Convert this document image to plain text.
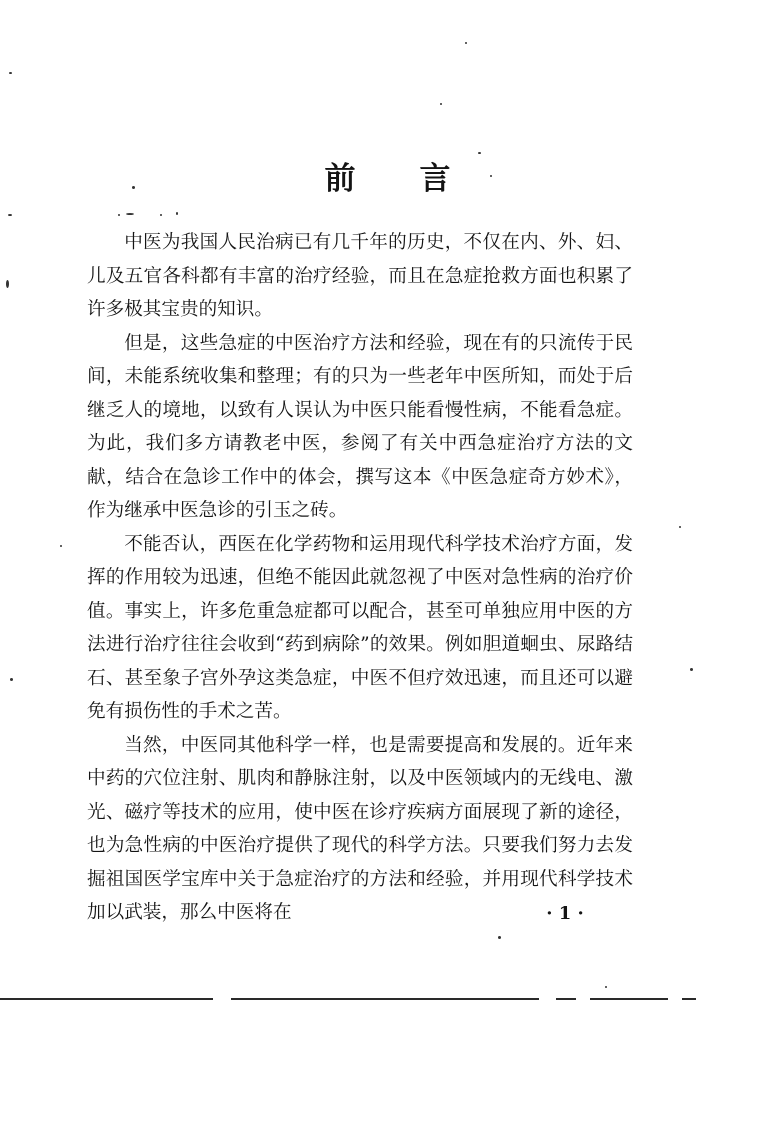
前 言

中医为我国人民治病已有几千年的历史，不仅在内、外、妇、儿及五官各科都有丰富的治疗经验，而且在急症抢救方面也积累了许多极其宝贵的知识。

但是，这些急症的中医治疗方法和经验，现在有的只流传于民间，未能系统收集和整理；有的只为一些老年中医所知，而处于后继乏人的境地，以致有人误认为中医只能看慢性病，不能看急症。为此，我们多方请教老中医，参阅了有关中西急症治疗方法的文献，结合在急诊工作中的体会，撰写这本《中医急症奇方妙术》，作为继承中医急诊的引玉之砖。

不能否认，西医在化学药物和运用现代科学技术治疗方面，发挥的作用较为迅速，但绝不能因此就忽视了中医对急性病的治疗价值。事实上，许多危重急症都可以配合，甚至可单独应用中医的方法进行治疗往往会收到“药到病除”的效果。例如胆道蛔虫、尿路结石、甚至象子宫外孕这类急症，中医不但疗效迅速，而且还可以避免有损伤性的手术之苦。

当然，中医同其他科学一样，也是需要提高和发展的。近年来中药的穴位注射、肌肉和静脉注射，以及中医领域内的无线电、激光、磁疗等技术的应用，使中医在诊疗疾病方面展现了新的途径，也为急性病的中医治疗提供了现代的科学方法。只要我们努力去发掘祖国医学宝库中关于急症治疗的方法和经验，并用现代科学技术加以武装，那么中医将在	· 1 ·
